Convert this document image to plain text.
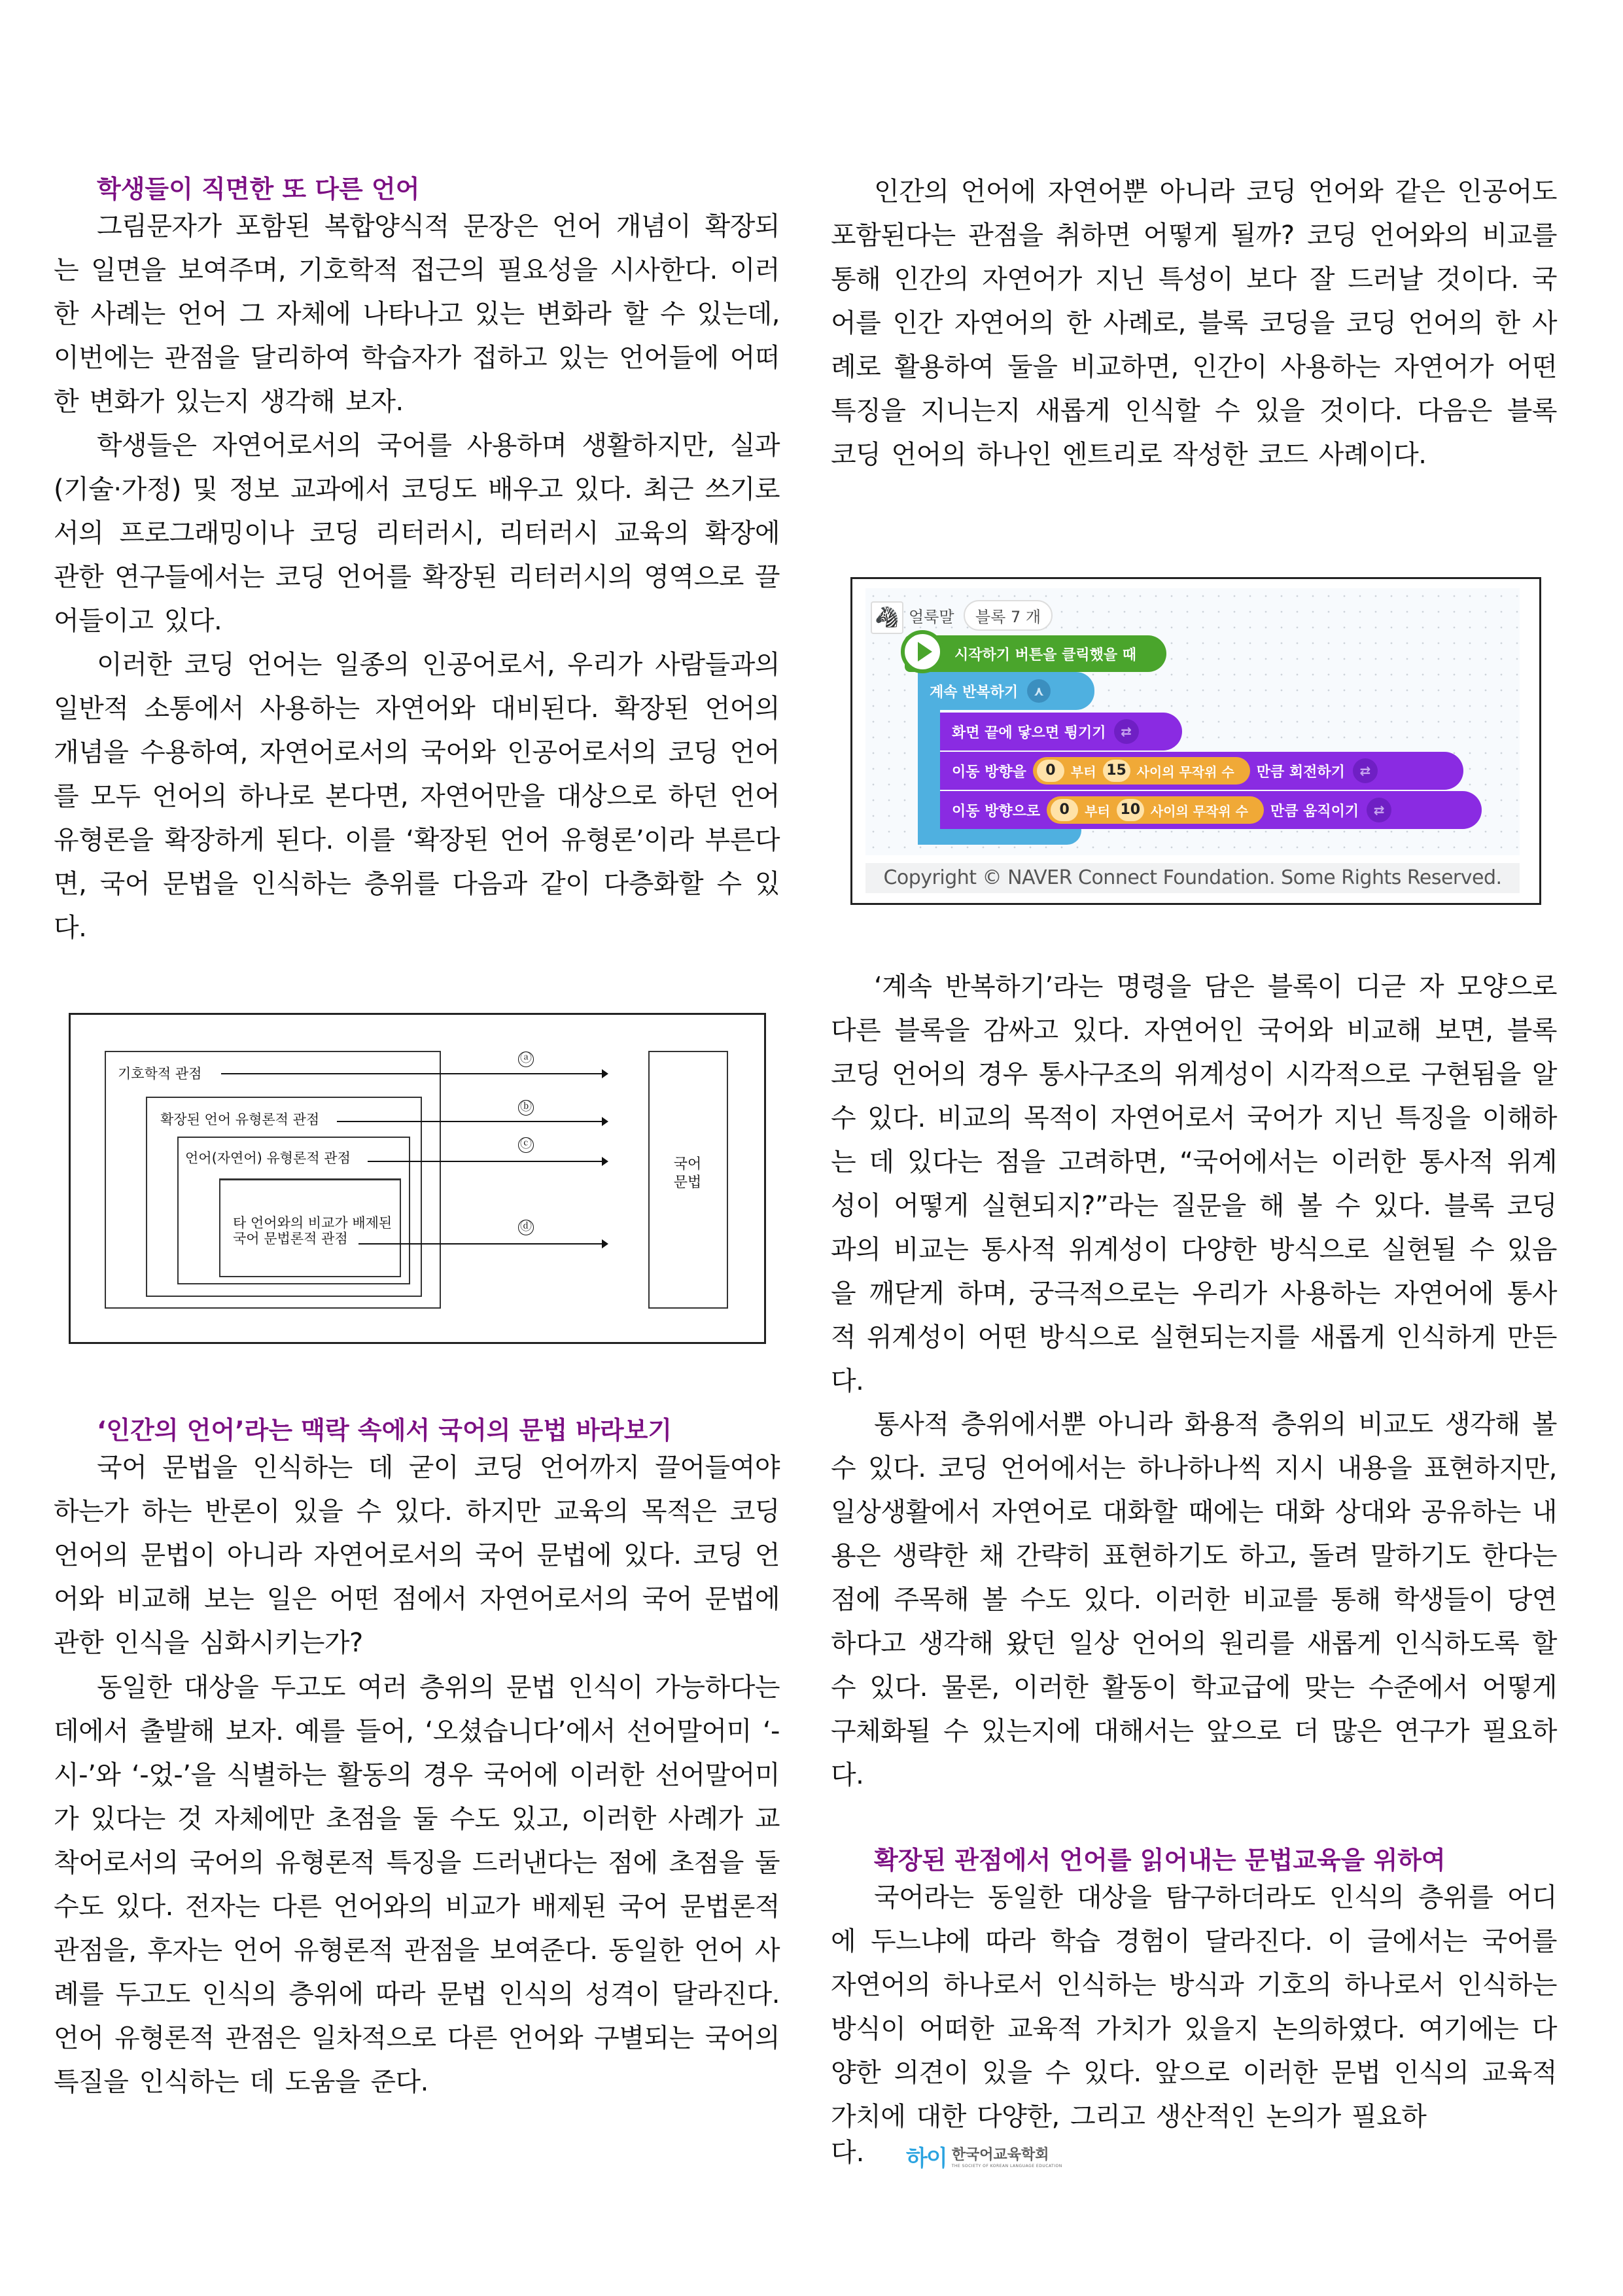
학생들이 직면한 또 다른 언어
그림문자가 포함된 복합양식적 문장은 언어 개념이 확장되는 일면을 보여주며, 기호학적 접근의 필요성을 시사한다. 이러한 사례는 언어 그 자체에 나타나고 있는 변화라 할 수 있는데, 이번에는 관점을 달리하여 학습자가 접하고 있는 언어들에 어떠한 변화가 있는지 생각해 보자.
학생들은 자연어로서의 국어를 사용하며 생활하지만, 실과(기술·가정) 및 정보 교과에서 코딩도 배우고 있다. 최근 쓰기로서의 프로그래밍이나 코딩 리터러시, 리터러시 교육의 확장에 관한 연구들에서는 코딩 언어를 확장된 리터러시의 영역으로 끌어들이고 있다.
이러한 코딩 언어는 일종의 인공어로서, 우리가 사람들과의 일반적 소통에서 사용하는 자연어와 대비된다. 확장된 언어의 개념을 수용하여, 자연어로서의 국어와 인공어로서의 코딩 언어를 모두 언어의 하나로 본다면, 자연어만을 대상으로 하던 언어 유형론을 확장하게 된다. 이를 ‘확장된 언어 유형론’이라 부른다면, 국어 문법을 인식하는 층위를 다음과 같이 다층화할 수 있다.
기호학적 관점
확장된 언어 유형론적 관점
언어(자연어) 유형론적 관점
타 언어와의 비교가 배제된
국어 문법론적 관점
ⓐ
ⓑ
ⓒ
ⓓ
국어
문법
‘인간의 언어’라는 맥락 속에서 국어의 문법 바라보기
국어 문법을 인식하는 데 굳이 코딩 언어까지 끌어들여야 하는가 하는 반론이 있을 수 있다. 하지만 교육의 목적은 코딩 언어의 문법이 아니라 자연어로서의 국어 문법에 있다. 코딩 언어와 비교해 보는 일은 어떤 점에서 자연어로서의 국어 문법에 관한 인식을 심화시키는가?
동일한 대상을 두고도 여러 층위의 문법 인식이 가능하다는 데에서 출발해 보자. 예를 들어, ‘오셨습니다’에서 선어말어미 ‘-시-’와 ‘-었-’을 식별하는 활동의 경우 국어에 이러한 선어말어미가 있다는 것 자체에만 초점을 둘 수도 있고, 이러한 사례가 교착어로서의 국어의 유형론적 특징을 드러낸다는 점에 초점을 둘 수도 있다. 전자는 다른 언어와의 비교가 배제된 국어 문법론적 관점을, 후자는 언어 유형론적 관점을 보여준다. 동일한 언어 사례를 두고도 인식의 층위에 따라 문법 인식의 성격이 달라진다. 언어 유형론적 관점은 일차적으로 다른 언어와 구별되는 국어의 특질을 인식하는 데 도움을 준다.
인간의 언어에 자연어뿐 아니라 코딩 언어와 같은 인공어도 포함된다는 관점을 취하면 어떻게 될까? 코딩 언어와의 비교를 통해 인간의 자연어가 지닌 특성이 보다 잘 드러날 것이다. 국어를 인간 자연어의 한 사례로, 블록 코딩을 코딩 언어의 한 사례로 활용하여 둘을 비교하면, 인간이 사용하는 자연어가 어떤 특징을 지니는지 새롭게 인식할 수 있을 것이다. 다음은 블록 코딩 언어의 하나인 엔트리로 작성한 코드 사례이다.
🦓 얼룩말	블록 7 개
계속 반복하기	⋏
시작하기 버튼을 클릭했을 때
화면 끝에 닿으면 튕기기	⇄
이동 방향을	0	부터 15 사이의 무작위 수 만큼 회전하기	⇄
이동 방향으로	0	부터 10 사이의 무작위 수 만큼 움직이기	⇄
Copyright © NAVER Connect Foundation. Some Rights Reserved.
‘계속 반복하기’라는 명령을 담은 블록이 디귿 자 모양으로 다른 블록을 감싸고 있다. 자연어인 국어와 비교해 보면, 블록 코딩 언어의 경우 통사구조의 위계성이 시각적으로 구현됨을 알 수 있다. 비교의 목적이 자연어로서 국어가 지닌 특징을 이해하는 데 있다는 점을 고려하면, “국어에서는 이러한 통사적 위계성이 어떻게 실현되지?”라는 질문을 해 볼 수 있다. 블록 코딩과의 비교는 통사적 위계성이 다양한 방식으로 실현될 수 있음을 깨닫게 하며, 궁극적으로는 우리가 사용하는 자연어에 통사적 위계성이 어떤 방식으로 실현되는지를 새롭게 인식하게 만든다.
통사적 층위에서뿐 아니라 화용적 층위의 비교도 생각해 볼 수 있다. 코딩 언어에서는 하나하나씩 지시 내용을 표현하지만, 일상생활에서 자연어로 대화할 때에는 대화 상대와 공유하는 내용은 생략한 채 간략히 표현하기도 하고, 돌려 말하기도 한다는 점에 주목해 볼 수도 있다. 이러한 비교를 통해 학생들이 당연하다고 생각해 왔던 일상 언어의 원리를 새롭게 인식하도록 할 수 있다. 물론, 이러한 활동이 학교급에 맞는 수준에서 어떻게 구체화될 수 있는지에 대해서는 앞으로 더 많은 연구가 필요하다.
확장된 관점에서 언어를 읽어내는 문법교육을 위하여
국어라는 동일한 대상을 탐구하더라도 인식의 층위를 어디에 두느냐에 따라 학습 경험이 달라진다. 이 글에서는 국어를 자연어의 하나로서 인식하는 방식과 기호의 하나로서 인식하는 방식이 어떠한 교육적 가치가 있을지 논의하였다. 여기에는 다양한 의견이 있을 수 있다. 앞으로 이러한 문법 인식의 교육적 가치에 대한 다양한, 그리고 생산적인 논의가 필요하
다. 하이 한국어교육학회
THE SOCIETY OF KOREAN LANGUAGE EDUCATION
